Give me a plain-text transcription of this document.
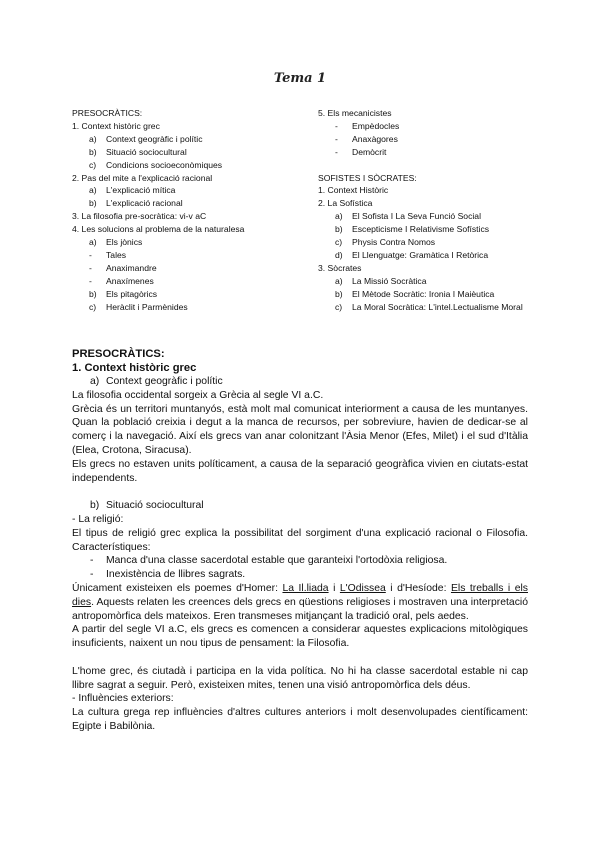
Tema 1
PRESOCRÀTICS:
1. Context històric grec
a) Context geogràfic i polític
b) Situació sociocultural
c) Condicions socioeconòmiques
2. Pas del mite a l'explicació racional
a) L'explicació mítica
b) L'explicació racional
3. La filosofia pre-socràtica: vi-v aC
4. Les solucions al problema de la naturalesa
a) Els jònics
- Tales
- Anaximandre
- Anaxímenes
b) Els pitagòrics
c) Heràclit i Parmènides
5. Els mecanicistes
- Empèdocles
- Anaxàgores
- Demòcrit
SOFISTES I SÒCRATES:
1. Context Històric
2. La Sofística
a) El Sofista I La Seva Funció Social
b) Escepticisme I Relativisme Sofístics
c) Physis Contra Nomos
d) El Llenguatge: Gramàtica I Retòrica
3. Sòcrates
a) La Missió Socràtica
b) El Mètode Socràtic: Ironia I Maièutica
c) La Moral Socràtica: L'intel.Lectualisme Moral
PRESOCRÀTICS:
1. Context històric grec
a) Context geogràfic i polític

La filosofia occidental sorgeix a Grècia al segle VI a.C.

Grècia és un territori muntanyós, està molt mal comunicat interiorment a causa de les muntanyes. Quan la població creixia i degut a la manca de recursos, per sobreviure, havien de dedicar-se al comerç i la navegació. Així els grecs van anar colonitzant l'Àsia Menor (Efes, Milet) i el sud d'Itàlia (Elea, Crotona, Siracusa).

Els grecs no estaven units políticament, a causa de la separació geogràfica vivien en ciutats-estat independents.

b) Situació sociocultural

- La religió:

El tipus de religió grec explica la possibilitat del sorgiment d'una explicació racional o Filosofia. Característiques:

- Manca d'una classe sacerdotal estable que garanteixi l'ortodòxia religiosa.
- Inexistència de llibres sagrats.

Únicament existeixen els poemes d'Homer: La Il.liada i L'Odissea i d'Hesíode: Els treballs i els dies. Aquests relaten les creences dels grecs en qüestions religioses i mostraven una interpretació antropomòrfica dels mateixos. Eren transmeses mitjançant la tradició oral, pels aedes.

A partir del segle VI a.C, els grecs es comencen a considerar aquestes explicacions mitològiques insuficients, naixent un nou tipus de pensament: la Filosofia.

L'home grec, és ciutadà i participa en la vida política. No hi ha classe sacerdotal estable ni cap llibre sagrat a seguir. Però, existeixen mites, tenen una visió antropomòrfica dels déus.

- Influències exteriors:

La cultura grega rep influències d'altres cultures anteriors i molt desenvolupades científicament: Egipte i Babilònia.
